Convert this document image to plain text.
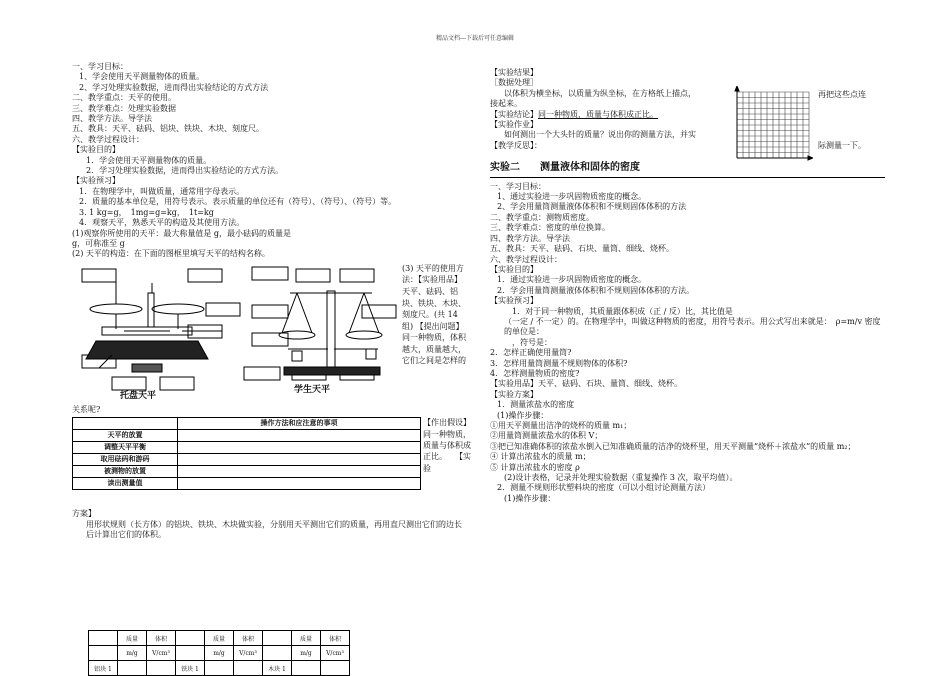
精品文档---下载后可任意编辑

一、学习目标：

1、学会使用天平测量物体的质量。

2、学习处理实验数据，进而得出实验结论的方式方法

二、教学重点：天平的使用。

三、教学难点：处理实验数据

四、教学方法。导学法

五、教具：天平、砝码、铝块、铁块、木块、刻度尺。

六、教学过程设计：

【实验目的】

1．学会使用天平测量物体的质量。

2．学习处理实验数据，进而得出实验结论的方式方法。

【实验预习】

1．在物理学中，叫做质量，通常用字母表示。

2．质量的基本单位是，用符号表示。表示质量的单位还有（符号）、（符号）、（符号）等。

3. 1 kg=g，　1mg=g=kg，　1t=kg

4．观察天平，熟悉天平的构造及其使用方法。

(1)观察你所使用的天平：最大称量值是 g，最小砝码的质量是

g，可称准至 g

(2) 天平的构造：在下面的图框里填写天平的结构名称。

托盘天平
学生天平
(3) 天平的使用方法：【实验用品】天平、砝码、铝块、铁块、木块、刻度尺。(共 14 组) 【提出问题】同一种物质，体积越大，质量越大，它们之间是怎样的

关系呢?

	操作方法和应注意的事项
天平的放置	
调整天平平衡	
取用砝码和游码	
被测物的放置	
读出测量值	
【作出假设】同一种物质，质量与体积成正比。　　【实验

方案】

用形状规则（长方体）的铝块、铁块、木块做实验，分别用天平测出它们的质量，再用直尺测出它们的边长后计算出它们的体积。

	质量	体积		质量	体积		质量	体积
	m/g	V/cm³		m/g	V/cm³		m/g	V/cm³
铝块 1			铁块 1			木块 1		

【实验结果】

［数据处理］

以体积为横坐标，以质量为纵坐标，在方格纸上描点，

接起来。

【实验结论】同一种物质，质量与体积成正比。

【实验作业】

如何测出一个大头针的质量？说出你的测量方法，并实

【教学反思】：

实验二　　测量液体和固体的密度

一、学习目标：

1、通过实验进一步巩固物质密度的概念。

2、学会用量筒测量液体体积和不规则固体体积的方法

二、教学重点：测物质密度。

三、教学难点：密度的单位换算。

四、教学方法。导学法

五、教具：天平、砝码、石块、量筒、细线、烧杯。

六、教学过程设计：

【实验目的】

1．通过实验进一步巩固物质密度的概念。

2．学会用量筒测量液体体积和不规则固体体积的方法。

【实验预习】

1．对于同一种物质，其质量跟体积成（正 / 反）比，其比值是

（一定 / 不一定）的。在物理学中，叫做这种物质的密度，用符号表示。用公式写出来就是：　ρ=m/v 密度的单位是：

，符号是：

2．怎样正确使用量筒?

3．怎样用量筒测量不规则物体的体积?

4．怎样测量物质的密度?

【实验用品】天平、砝码、石块、量筒、细线、烧杯。

【实验方案】

1．测量浓盐水的密度

(1)操作步骤：

①用天平测量出洁净的烧杯的质量 m₁；

②用量筒测量浓盐水的体积 V；

③把已知准确体积的浓盐水倒入已知准确质量的洁净的烧杯里，用天平测量“烧杯＋浓盐水”的质量 m₂；

④ 计算出浓盐水的质量 m；

⑤ 计算出浓盐水的密度 ρ

(2)设计表格，记录并处理实验数据（重复操作 3 次，取平均值）。

2．测量不规则形状塑料块的密度（可以小组讨论测量方法）

(1)操作步骤：

再把这些点连
际测量一下。
